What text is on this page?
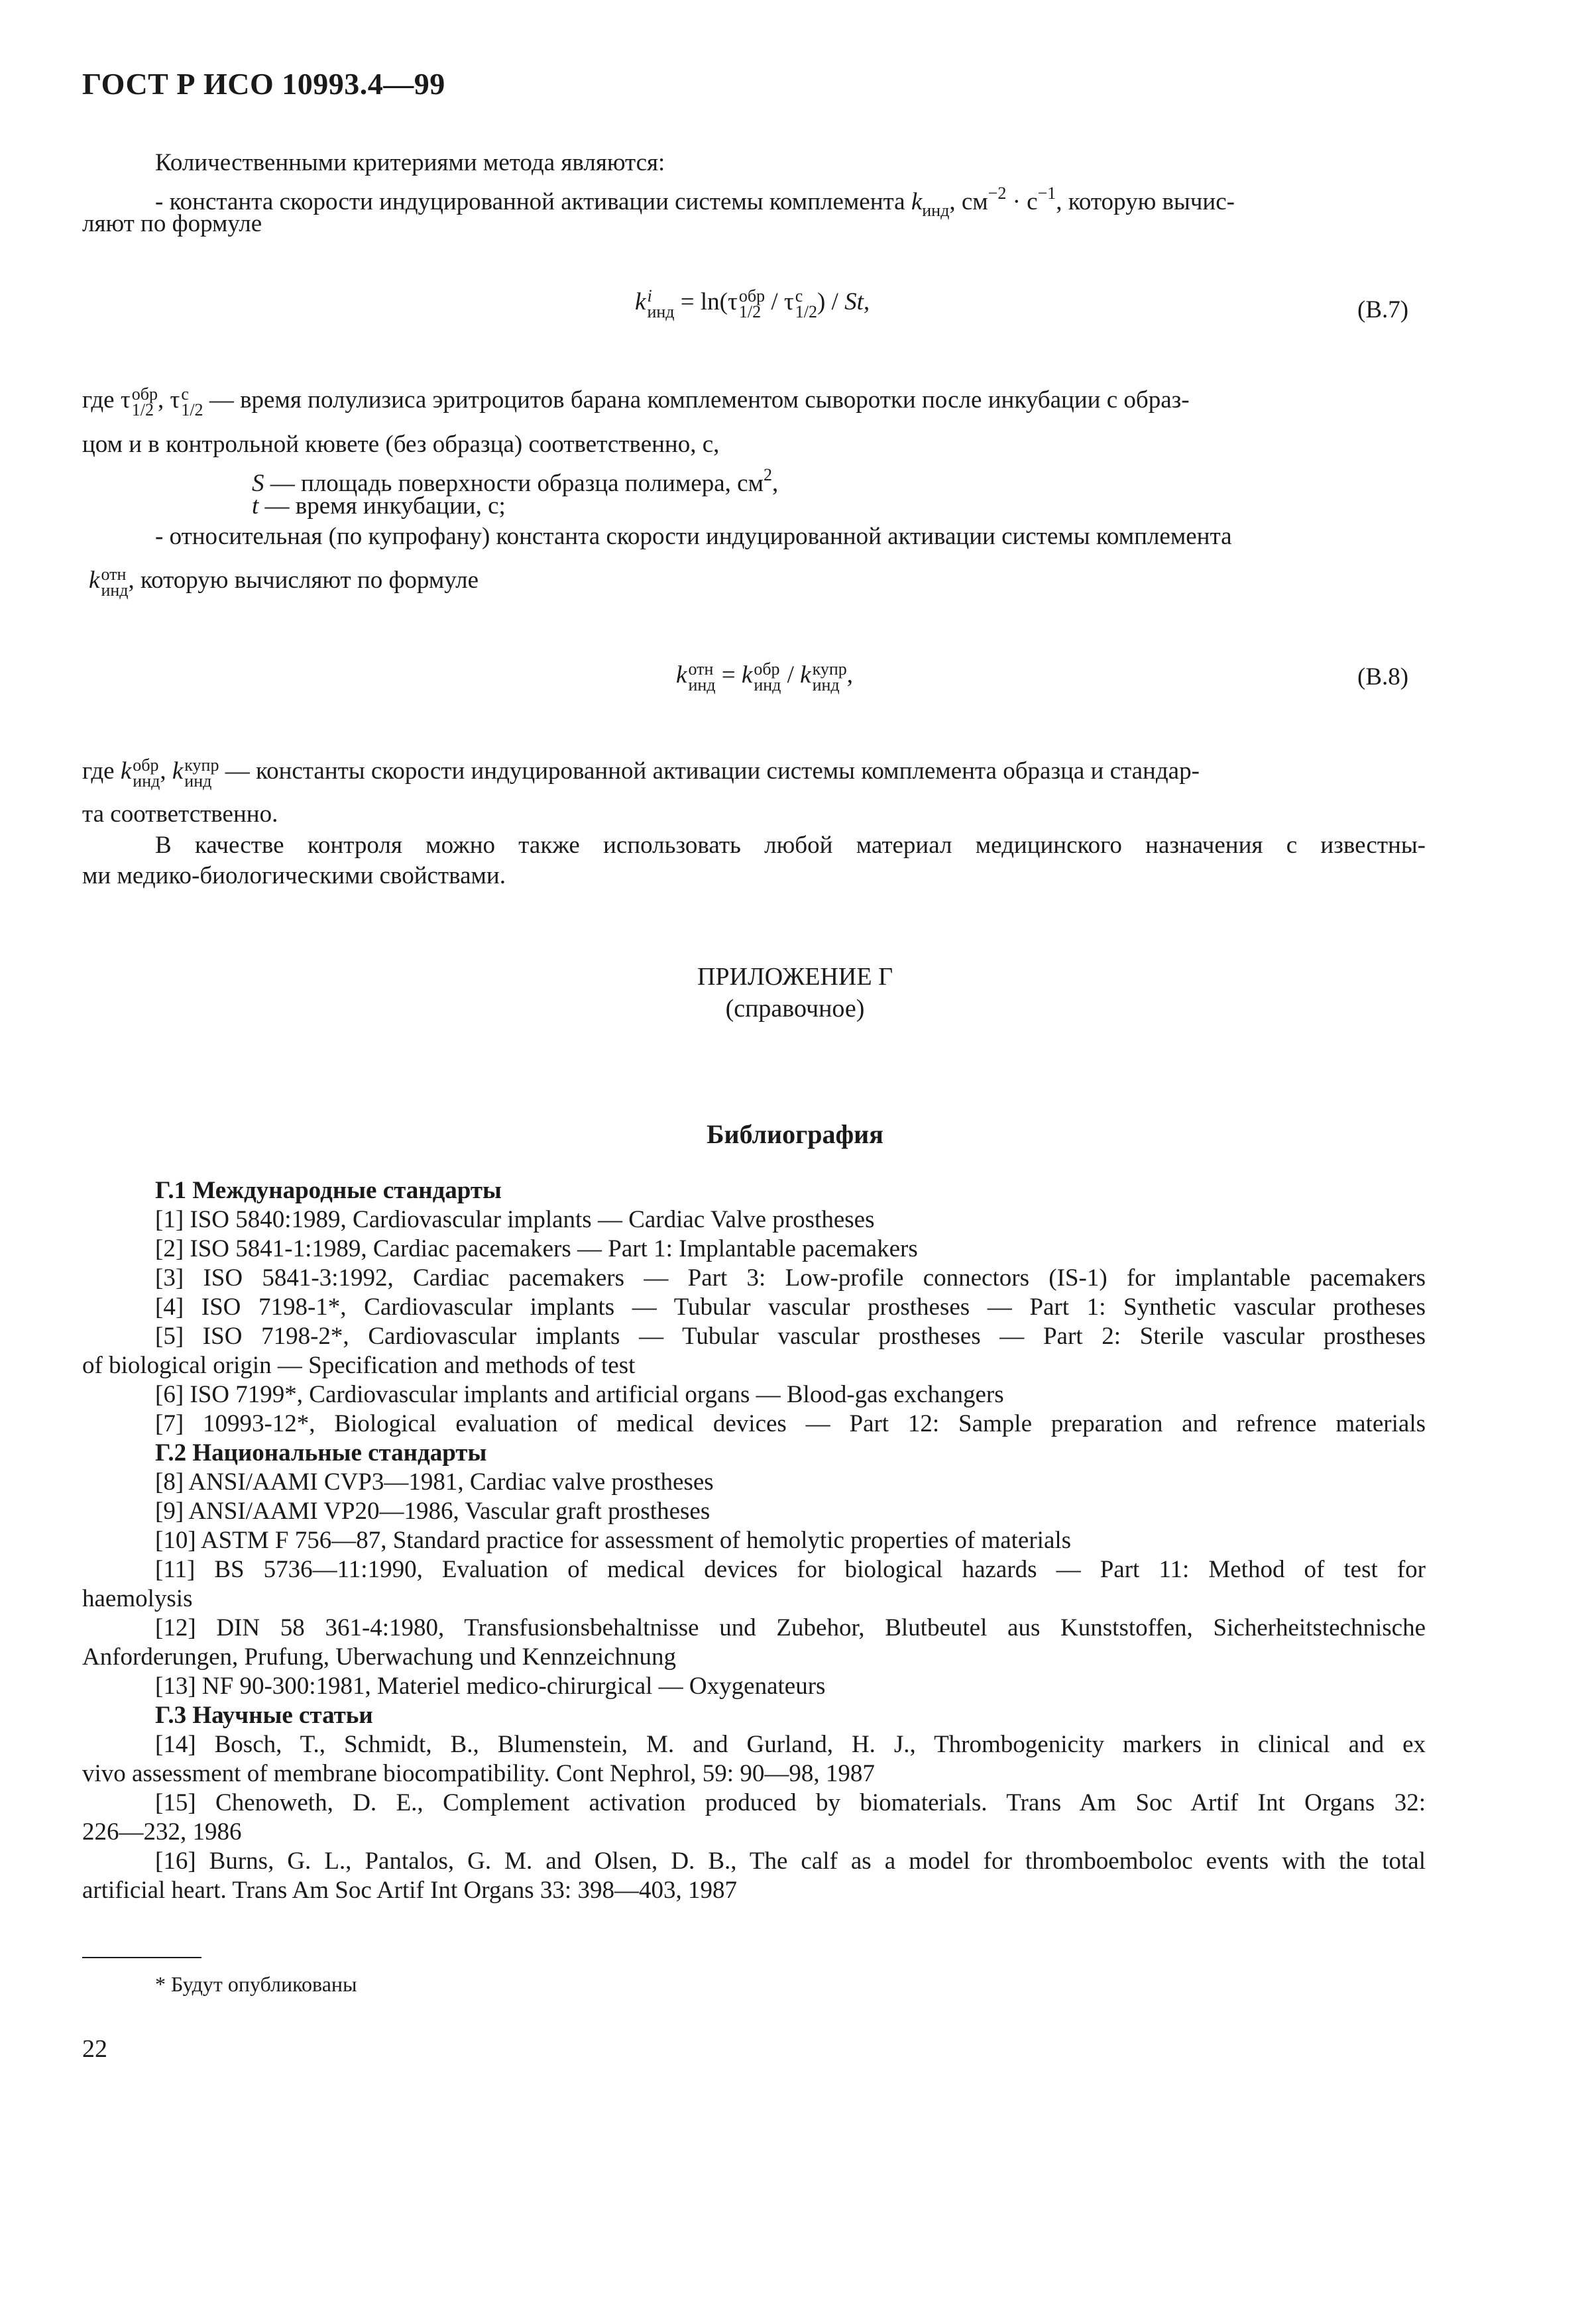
ГОСТ Р ИСО 10993.4—99
Количественными критериями метода являются:
- константа скорости индуцированной активации системы комплемента $k_{инд}$, $см^{-2} \cdot с^{-1}$, которую вычис-
ляют по формуле
k i
инд = ln(τ обр
1/2 / τ c
1/2 ) / St,	(В.7)
где τ обр
1/2 , τ c
1/2 — время полулизиса эритроцитов барана комплементом сыворотки после инкубации с образ-
цом и в контрольной кювете (без образца) соответственно, с,
S — площадь поверхности образца полимера, $см^2$,
t — время инкубации, с;
- относительная (по купрофану) константа скорости индуцированной активации системы комплемента
k отн
инд , которую вычисляют по формуле
k отн
инд = k обр
инд / k купр
инд ,	(В.8)
где k обр
инд , k купр
инд — константы скорости индуцированной активации системы комплемента образца и стандар-
та соответственно.
В качестве контроля можно также использовать любой материал медицинского назначения с известны-
ми медико-биологическими свойствами.
ПРИЛОЖЕНИЕ Г
(справочное)
Библиография
Г.1 Международные стандарты
[1] ISO 5840:1989, Cardiovascular implants — Cardiac Valve prostheses
[2] ISO 5841-1:1989, Cardiac pacemakers — Part 1: Implantable pacemakers
[3] ISO 5841-3:1992, Cardiac pacemakers — Part 3: Low-profile connectors (IS-1) for implantable pacemakers
[4] ISO 7198-1*, Cardiovascular implants — Tubular vascular prostheses — Part 1: Synthetic vascular protheses
[5] ISO 7198-2*, Cardiovascular implants — Tubular vascular prostheses — Part 2: Sterile vascular prostheses
of biological origin — Specification and methods of test
[6] ISO 7199*, Cardiovascular implants and artificial organs — Blood-gas exchangers
[7] 10993-12*, Biological evaluation of medical devices — Part 12: Sample preparation and refrence materials
Г.2 Национальные стандарты
[8] ANSI/AAMI CVP3—1981, Cardiac valve prostheses
[9] ANSI/AAMI VP20—1986, Vascular graft prostheses
[10] ASTM F 756—87, Standard practice for assessment of hemolytic properties of materials
[11] BS 5736—11:1990, Evaluation of medical devices for biological hazards — Part 11: Method of test for
haemolysis
[12] DIN 58 361-4:1980, Transfusionsbehaltnisse und Zubehor, Blutbeutel aus Kunststoffen, Sicherheitstechnische
Anforderungen, Prufung, Uberwachung und Kennzeichnung
[13] NF 90-300:1981, Materiel medico-chirurgical — Oxygenateurs
Г.3 Научные статьи
[14] Bosch, T., Schmidt, B., Blumenstein, M. and Gurland, H. J., Thrombogenicity markers in clinical and ex
vivo assessment of membrane biocompatibility. Cont Nephrol, 59: 90—98, 1987
[15] Chenoweth, D. E., Complement activation produced by biomaterials. Trans Am Soc Artif Int Organs 32:
226—232, 1986
[16] Burns, G. L., Pantalos, G. M. and Olsen, D. B., The calf as a model for thromboemboloc events with the total
artificial heart. Trans Am Soc Artif Int Organs 33: 398—403, 1987
* Будут опубликованы
22
